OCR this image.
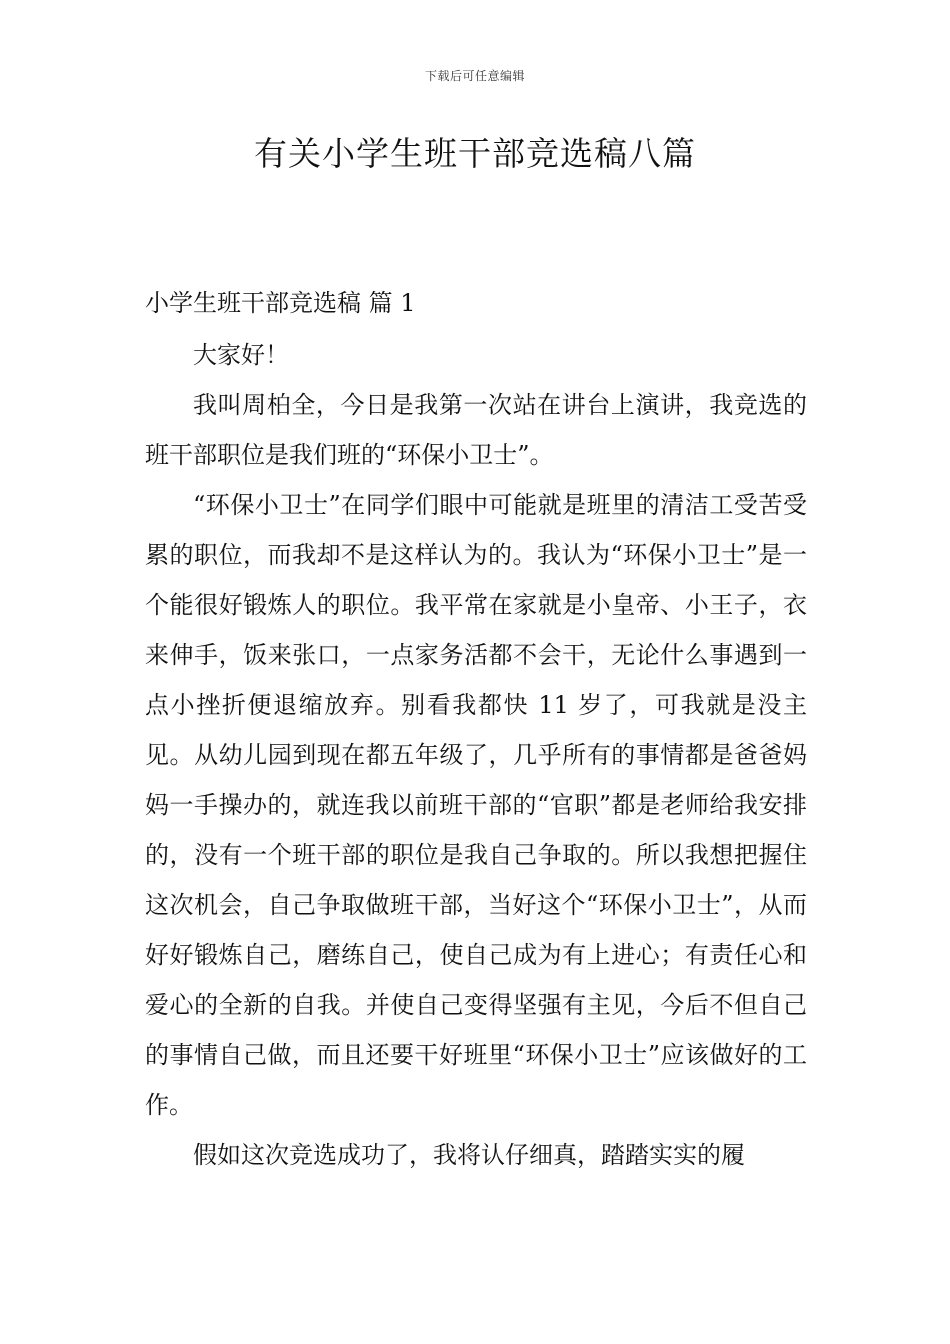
下载后可任意编辑
有关小学生班干部竞选稿八篇
小学生班干部竞选稿 篇 1

大家好！

我叫周柏全，今日是我第一次站在讲台上演讲，我竞选的班干部职位是我们班的“环保小卫士”。

“环保小卫士”在同学们眼中可能就是班里的清洁工受苦受累的职位，而我却不是这样认为的。我认为“环保小卫士”是一个能很好锻炼人的职位。我平常在家就是小皇帝、小王子，衣来伸手，饭来张口，一点家务活都不会干，无论什么事遇到一点小挫折便退缩放弃。别看我都快 11 岁了，可我就是没主见。从幼儿园到现在都五年级了，几乎所有的事情都是爸爸妈妈一手操办的，就连我以前班干部的“官职”都是老师给我安排的，没有一个班干部的职位是我自己争取的。所以我想把握住这次机会，自己争取做班干部，当好这个“环保小卫士”，从而好好锻炼自己，磨练自己，使自己成为有上进心；有责任心和爱心的全新的自我。并使自己变得坚强有主见，今后不但自己的事情自己做，而且还要干好班里“环保小卫士”应该做好的工作。

假如这次竞选成功了，我将认仔细真，踏踏实实的履
